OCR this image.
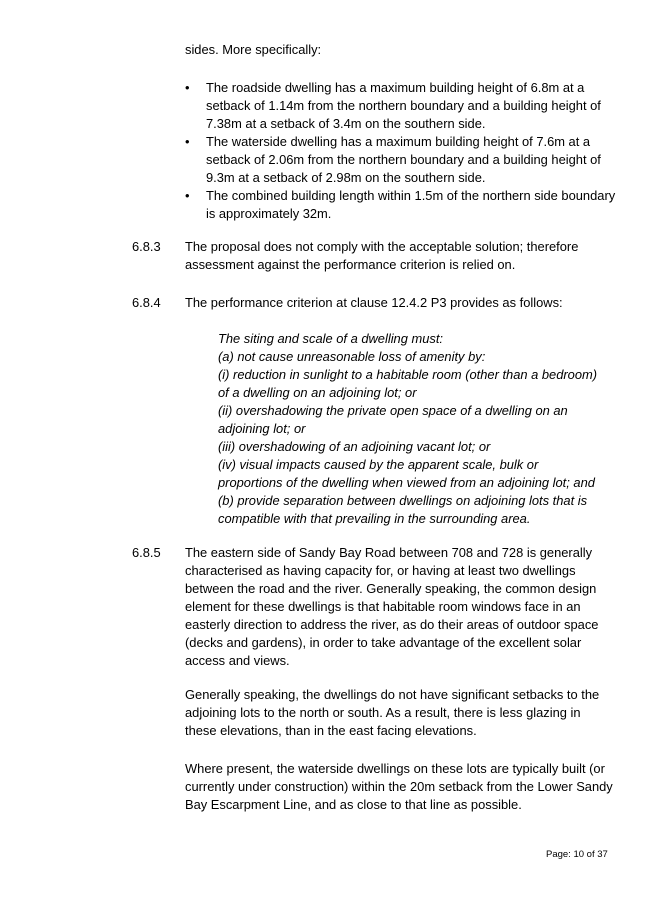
sides. More specifically:

• The roadside dwelling has a maximum building height of 6.8m at a setback of 1.14m from the northern boundary and a building height of 7.38m at a setback of 3.4m on the southern side.
• The waterside dwelling has a maximum building height of 7.6m at a setback of 2.06m from the northern boundary and a building height of 9.3m at a setback of 2.98m on the southern side.
• The combined building length within 1.5m of the northern side boundary is approximately 32m.
6.8.3 The proposal does not comply with the acceptable solution; therefore assessment against the performance criterion is relied on.

6.8.4 The performance criterion at clause 12.4.2 P3 provides as follows:

The siting and scale of a dwelling must:
(a) not cause unreasonable loss of amenity by:
(i) reduction in sunlight to a habitable room (other than a bedroom)
of a dwelling on an adjoining lot; or
(ii) overshadowing the private open space of a dwelling on an
adjoining lot; or
(iii) overshadowing of an adjoining vacant lot; or
(iv) visual impacts caused by the apparent scale, bulk or
proportions of the dwelling when viewed from an adjoining lot; and
(b) provide separation between dwellings on adjoining lots that is
compatible with that prevailing in the surrounding area.
6.8.5 The eastern side of Sandy Bay Road between 708 and 728 is generally characterised as having capacity for, or having at least two dwellings between the road and the river. Generally speaking, the common design element for these dwellings is that habitable room windows face in an easterly direction to address the river, as do their areas of outdoor space (decks and gardens), in order to take advantage of the excellent solar access and views.

Generally speaking, the dwellings do not have significant setbacks to the adjoining lots to the north or south. As a result, there is less glazing in these elevations, than in the east facing elevations.

Where present, the waterside dwellings on these lots are typically built (or currently under construction) within the 20m setback from the Lower Sandy Bay Escarpment Line, and as close to that line as possible.

Page: 10 of 37
